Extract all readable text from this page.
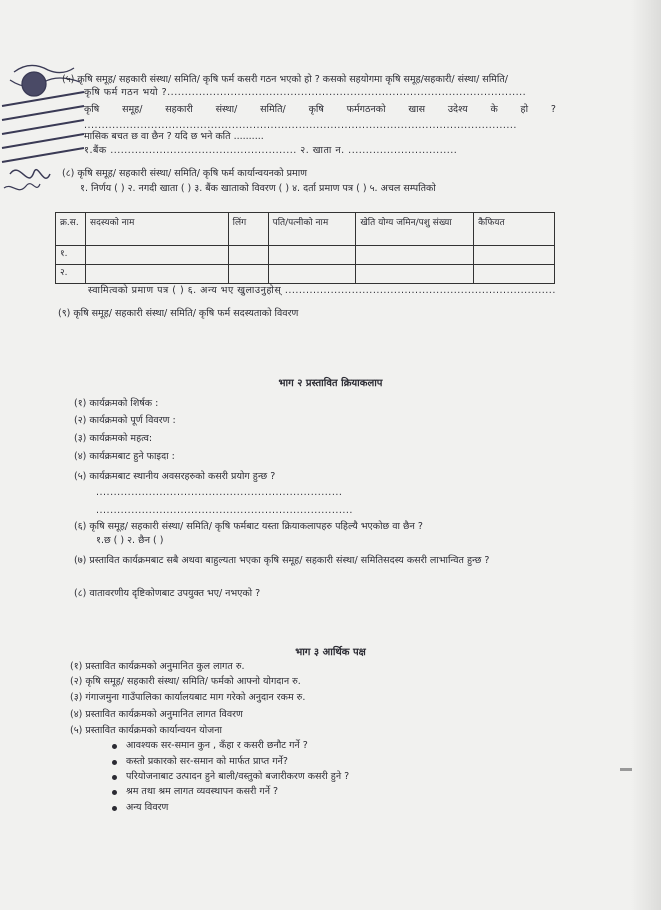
(५) कृषि समूह/ सहकारी संस्था/ समिति/ कृषि फर्म कसरी गठन भएको हो ? कसको सहयोगमा कृषि समूह/सहकारी/ संस्था/ समिति/
कृषि फर्म गठन भयो ?......................................................................................................
कृषि समूह/ सहकारी संस्था/ समिति/ कृषि फर्मगठनको खास उदेश्य के हो ?
...........................................................................................................................
मासिक बचत छ वा छैन ? यदि छ भने कति ..........
१.बैंक ..................................................... २. खाता न. ...............................
(८) कृषि समूह/ सहकारी संस्था/ समिति/ कृषि फर्म कार्यान्वयनको प्रमाण
१. निर्णय ( ) २. नगदी खाता ( ) ३. बैंक खाताको विवरण ( ) ४. दर्ता प्रमाण पत्र ( ) ५. अचल सम्पतिको
क्र.स.	सदस्यको नाम	लिंग	पति/पत्नीको नाम	खेति योग्य जमिन/पशु संख्या	कैफियत
१.					
२.					
स्वामित्वको प्रमाण पत्र ( ) ६. अन्य भए खुलाउनुहोस् .............................................................................
(९) कृषि समूह/ सहकारी संस्था/ समिति/ कृषि फर्म सदस्यताको विवरण
भाग २ प्रस्तावित क्रियाकलाप
(१) कार्यक्रमको शिर्षक :
(२) कार्यक्रमको पूर्ण विवरण :
(३) कार्यक्रमको महत्व:
(४) कार्यक्रमबाट हुने फाइदा :
(५) कार्यक्रमबाट स्थानीय अवसरहरुको कसरी प्रयोग हुन्छ ?
......................................................................
.........................................................................
(६) कृषि समूह/ सहकारी संस्था/ समिति/ कृषि फर्मबाट यस्ता क्रियाकलापहरु पहिल्यै भएकोछ वा छैन ?
१.छ ( ) २. छैन ( )
(७) प्रस्तावित कार्यक्रमबाट सबै अथवा बाहुल्यता भएका कृषि समूह/ सहकारी संस्था/ समितिसदस्य कसरी लाभान्वित हुन्छ ?
(८) वातावरणीय दृष्टिकोणबाट उपयुक्त भए/ नभएको ?
भाग ३ आर्थिक पक्ष
(१) प्रस्तावित कार्यक्रमको अनुमानित कुल लागत रु.
(२) कृषि समूह/ सहकारी संस्था/ समिति/ फर्मको आफ्नो योगदान रु.
(३) गंगाजमुना गाउँपालिका कार्यालयबाट माग गरेको अनुदान रकम रु.
(४) प्रस्तावित कार्यक्रमको अनुमानित लागत विवरण
(५) प्रस्तावित कार्यक्रमको कार्यान्वयन योजना
आवश्यक सर-समान कुन , कँहा र कसरी छनौट गर्ने ?
कस्तो प्रकारको सर-समान को मार्फत प्राप्त गर्ने?
परियोजनाबाट उत्पादन हुने बाली/वस्तुको बजारीकरण कसरी हुने ?
श्रम तथा श्रम लागत व्यवस्थापन कसरी गर्ने ?
अन्य विवरण
